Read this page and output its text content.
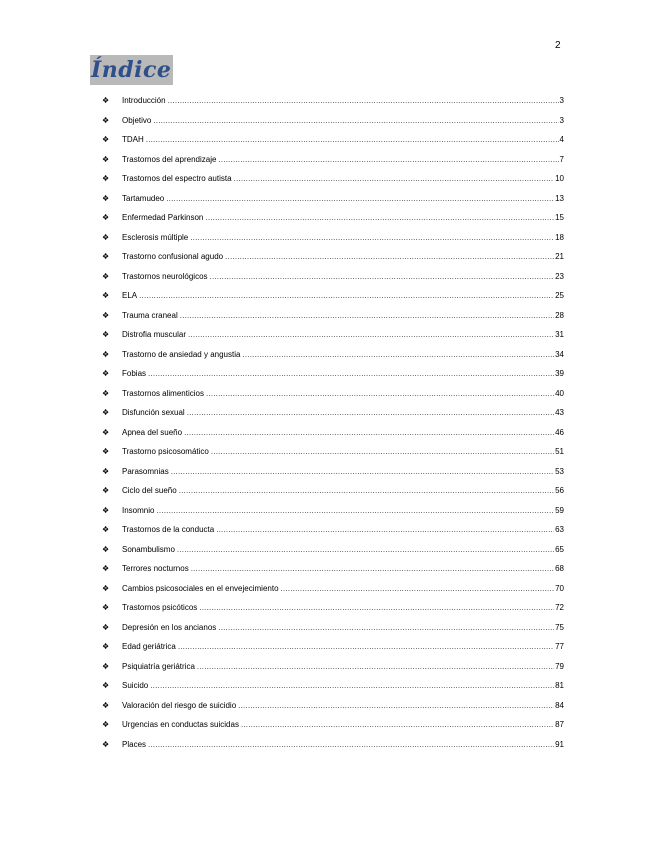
2
Índice
❖	Introducción .....	3
❖	Objetivo .....	3
❖	TDAH .....	4
❖	Trastornos del aprendizaje .....	7
❖	Trastornos del espectro autista .....	10
❖	Tartamudeo .....	13
❖	Enfermedad Parkinson .....	15
❖	Esclerosis múltiple .....	18
❖	Trastorno confusional agudo .....	21
❖	Trastornos neurológicos .....	23
❖	ELA .....	25
❖	Trauma craneal .....	28
❖	Distrofia muscular .....	31
❖	Trastorno de ansiedad y angustia .....	34
❖	Fobias .....	39
❖	Trastornos alimenticios .....	40
❖	Disfunción sexual .....	43
❖	Apnea del sueño .....	46
❖	Trastorno psicosomático .....	51
❖	Parasomnias .....	53
❖	Ciclo del sueño .....	56
❖	Insomnio .....	59
❖	Trastornos de la conducta .....	63
❖	Sonambulismo .....	65
❖	Terrores nocturnos .....	68
❖	Cambios psicosociales en el envejecimiento .....	70
❖	Trastornos psicóticos .....	72
❖	Depresión en los ancianos .....	75
❖	Edad geriátrica .....	77
❖	Psiquiatría geriátrica .....	79
❖	Suicido .....	81
❖	Valoración del riesgo de suicidio .....	84
❖	Urgencias en conductas suicidas .....	87
❖	Places .....	91
